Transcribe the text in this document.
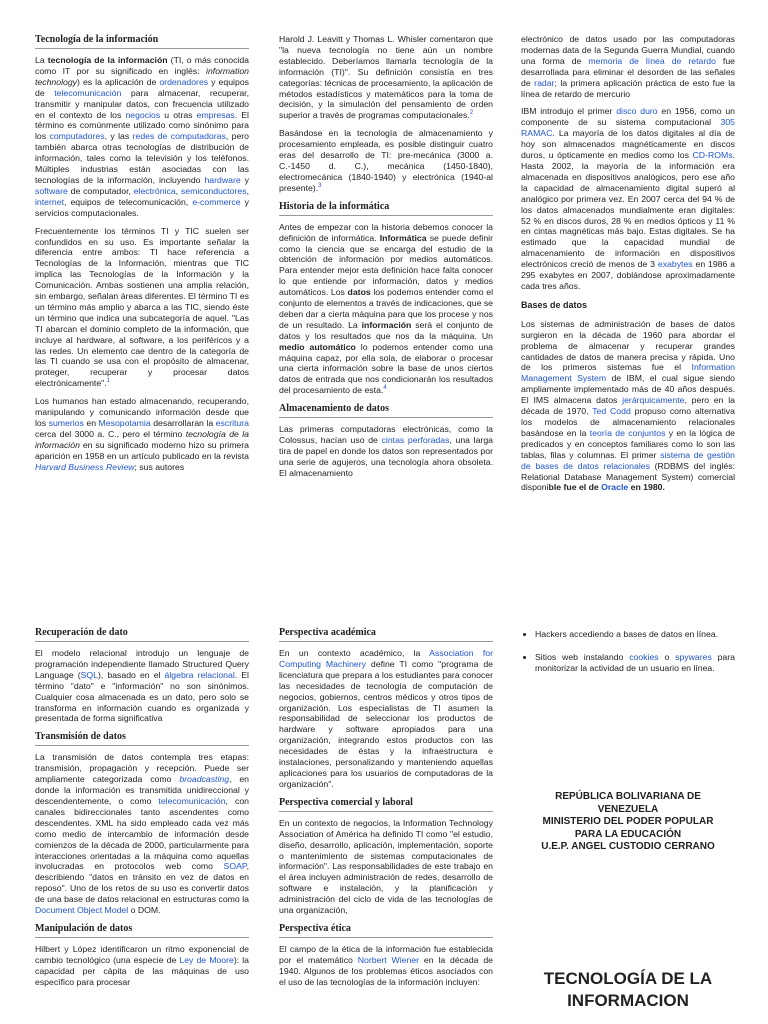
Tecnología de la información

La tecnología de la información (TI, o más conocida como IT por su significado en inglés: information technology) es la aplicación de ordenadores y equipos de telecomunicación para almacenar, recuperar, transmitir y manipular datos, con frecuencia utilizado en el contexto de los negocios u otras empresas. El término es comúnmente utilizado como sinónimo para los computadores, y las redes de computadoras, pero también abarca otras tecnologías de distribución de información, tales como la televisión y los teléfonos. Múltiples industrias están asociadas con las tecnologías de la información, incluyendo hardware y software de computador, electrónica, semiconductores, internet, equipos de telecomunicación, e-commerce y servicios computacionales.

Frecuentemente los términos TI y TIC suelen ser confundidos en su uso. Es importante señalar la diferencia entre ambos: TI hace referencia a Tecnologías de la Información, mientras que TIC implica las Tecnologías de la Información y la Comunicación. Ambas sostienen una amplia relación, sin embargo, señalan áreas diferentes. El término TI es un término más amplio y abarca a las TIC, siendo éste un término que indica una subcategoría de aquel. "Las TI abarcan el dominio completo de la información, que incluye al hardware, al software, a los periféricos y a las redes. Un elemento cae dentro de la categoría de las TI cuando se usa con el propósito de almacenar, proteger, recuperar y procesar datos electrónicamente".$^1$

Los humanos han estado almacenando, recuperando, manipulando y comunicando información desde que los sumerios en Mesopotamia desarrollaran la escritura cerca del 3000 a. C., pero el término tecnología de la información en su significado moderno hizo su primera aparición en 1958 en un artículo publicado en la revista Harvard Business Review; sus autores

Harold J. Leavitt y Thomas L. Whisler comentaron que "la nueva tecnología no tiene aún un nombre establecido. Deberíamos llamarla tecnología de la información (TI)". Su definición consistía en tres categorías: técnicas de procesamiento, la aplicación de métodos estadísticos y matemáticos para la toma de decisión, y la simulación del pensamiento de orden superior a través de programas computacionales.$^2$

Basándose en la tecnología de almacenamiento y procesamiento empleada, es posible distinguir cuatro eras del desarrollo de TI: pre-mecánica (3000 a. C.-1450 d. C.), mecánica (1450-1840), electromecánica (1840-1940) y electrónica (1940-al presente).$^3$

Historia de la informática

Antes de empezar con la historia debemos conocer la definición de informática. Informática se puede definir como la ciencia que se encarga del estudio de la obtención de información por medios automáticos. Para entender mejor esta definición hace falta conocer lo que entiende por información, datos y medios automáticos. Los datos los podemos entender como el conjunto de elementos a través de indicaciones, que se deben dar a cierta máquina para que los procese y nos de un resultado. La información será el conjunto de datos y los resultados que nos da la máquina. Un medio automático lo podemos entender como una máquina capaz, por ella sola, de elaborar o procesar una cierta información sobre la base de unos ciertos datos de entrada que nos condicionarán los resultados del procesamiento de esta.$^4$

Almacenamiento de datos

Las primeras computadoras electrónicas, como la Colossus, hacían uso de cintas perforadas, una larga tira de papel en donde los datos son representados por una serie de agujeros, una tecnología ahora obsoleta. El almacenamiento

electrónico de datos usado por las computadoras modernas data de la Segunda Guerra Mundial, cuando una forma de memoria de línea de retardo fue desarrollada para eliminar el desorden de las señales de radar; la primera aplicación práctica de esto fue la línea de retardo de mercurio

IBM introdujo el primer disco duro en 1956, como un componente de su sistema computacional 305 RAMAC. La mayoría de los datos digitales al día de hoy son almacenados magnéticamente en discos duros, u ópticamente en medios como los CD-ROMs. Hasta 2002, la mayoría de la información era almacenada en dispositivos analógicos, pero ese año la capacidad de almacenamiento digital superó al analógico por primera vez. En 2007 cerca del 94 % de los datos almacenados mundialmente eran digitales: 52 % en discos duros, 28 % en medios ópticos y 11 % en cintas magnéticas más bajo. Estas digitales. Se ha estimado que la capacidad mundial de almacenamiento de información en dispositivos electrónicos creció de menos de 3 exabytes en 1986 a 295 exabytes en 2007, doblándose aproximadamente cada tres años.

Bases de datos

Los sistemas de administración de bases de datos surgieron en la década de 1960 para abordar el problema de almacenar y recuperar grandes cantidades de datos de manera precisa y rápida. Uno de los primeros sistemas fue el Information Management System de IBM, el cual sigue siendo ampliamente implementado más de 40 años después. El IMS almacena datos jerárquicamente, pero en la década de 1970, Ted Codd propuso como alternativa los modelos de almacenamiento relacionales basándose en la teoría de conjuntos y en la lógica de predicados y en conceptos familiares como lo son las tablas, filas y columnas. El primer sistema de gestión de bases de datos relacionales (RDBMS del inglés: Relational Database Management System) comercial disponible fue el de Oracle en 1980.

Recuperación de dato

El modelo relacional introdujo un lenguaje de programación independiente llamado Structured Query Language (SQL), basado en el álgebra relacional. El término "dato" e "información" no son sinónimos. Cualquier cosa almacenada es un dato, pero solo se transforma en información cuando es organizada y presentada de forma significativa

Transmisión de datos

La transmisión de datos contempla tres etapas: transmisión, propagación y recepción. Puede ser ampliamente categorizada como broadcasting, en donde la información es transmitida unidireccional y descendentemente, o como telecomunicación, con canales bidireccionales tanto ascendentes como descendentes. XML ha sido empleado cada vez más como medio de intercambio de información desde comienzos de la década de 2000, particularmente para interacciones orientadas a la máquina como aquellas involucradas en protocolos web como SOAP, describiendo "datos en tránsito en vez de datos en reposo". Uno de los retos de su uso es convertir datos de una base de datos relacional en estructuras como la Document Object Model o DOM.

Manipulación de datos

Hilbert y López identificaron un ritmo exponencial de cambio tecnológico (una especie de Ley de Moore): la capacidad per cápita de las máquinas de uso específico para procesar

Perspectiva académica

En un contexto académico, la Association for Computing Machinery define TI como "programa de licenciatura que prepara a los estudiantes para conocer las necesidades de tecnología de computación de negocios, gobiernos, centros médicos y otros tipos de organización. Los especialistas de TI asumen la responsabilidad de seleccionar los productos de hardware y software apropiados para una organización, integrando estos productos con las necesidades de éstas y la infraestructura e instalaciones, personalizando y manteniendo aquellas aplicaciones para los usuarios de computadoras de la organización".

Perspectiva comercial y laboral

En un contexto de negocios, la Information Technology Association of América ha definido TI como "el estudio, diseño, desarrollo, aplicación, implementación, soporte o mantenimiento de sistemas computacionales de información". Las responsabilidades de este trabajo en el área incluyen administración de redes, desarrollo de software e instalación, y la planificación y administración del ciclo de vida de las tecnologías de una organización,

Perspectiva ética

El campo de la ética de la información fue establecida por el matemático Norbert Wiener en la década de 1940. Algunos de los problemas éticos asociados con el uso de las tecnologías de la información incluyen:

• Hackers accediendo a bases de datos en línea.
• Sitios web instalando cookies o spywares para monitorizar la actividad de un usuario en línea.
REPÚBLICA BOLIVARIANA DE
VENEZUELA
MINISTERIO DEL PODER POPULAR
PARA LA EDUCACIÓN
U.E.P. ANGEL CUSTODIO CERRANO
TECNOLOGÍA DE LA
INFORMACION
